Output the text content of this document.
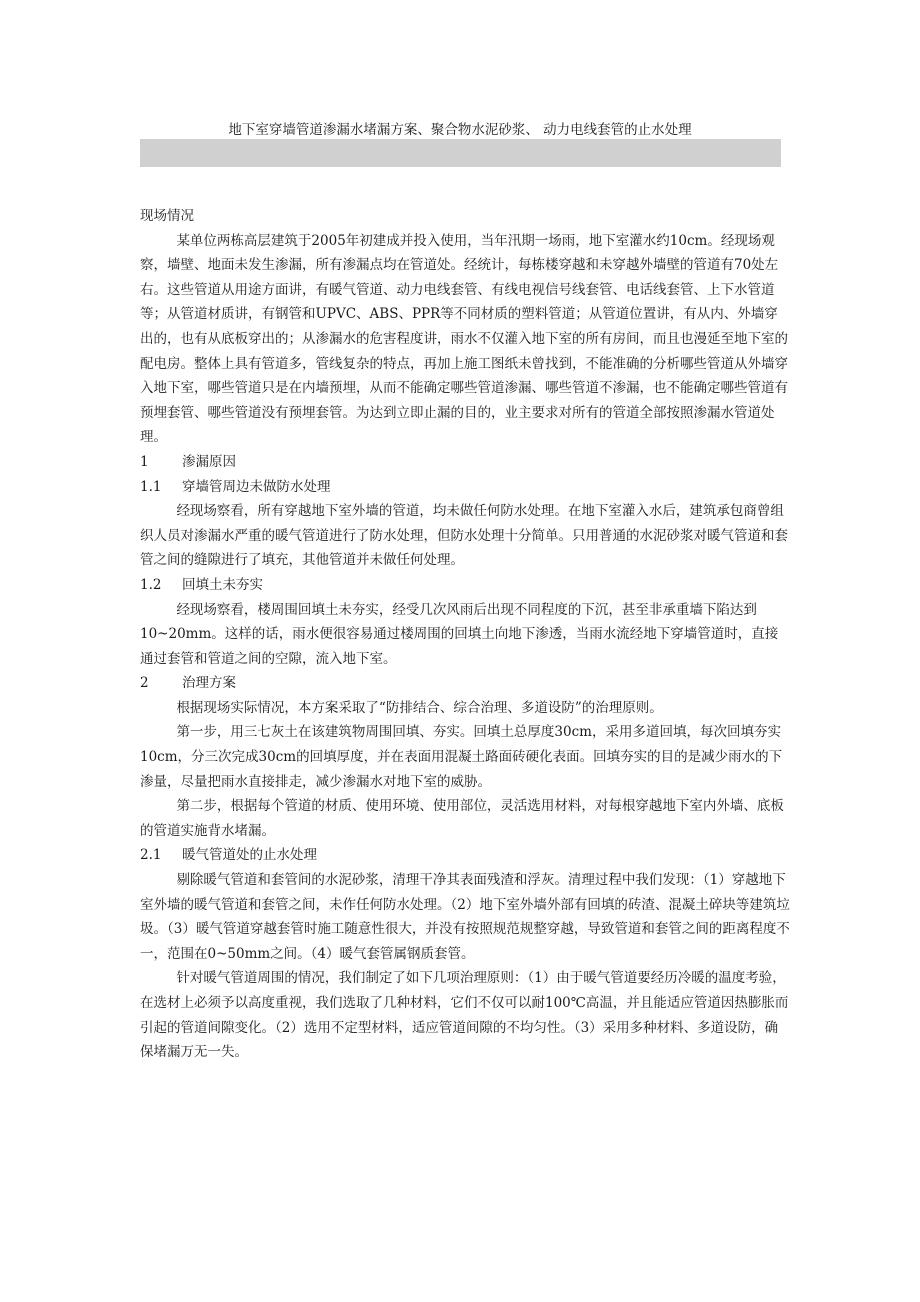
地下室穿墙管道渗漏水堵漏方案、聚合物水泥砂浆、 动力电线套管的止水处理

现场情况

某单位两栋高层建筑于2005年初建成并投入使用，当年汛期一场雨，地下室灌水约10cm。经现场观察，墙壁、地面未发生渗漏，所有渗漏点均在管道处。经统计，每栋楼穿越和未穿越外墙壁的管道有70处左右。这些管道从用途方面讲，有暖气管道、动力电线套管、有线电视信号线套管、电话线套管、上下水管道等；从管道材质讲，有钢管和UPVC、ABS、PPR等不同材质的塑料管道；从管道位置讲，有从内、外墙穿出的，也有从底板穿出的；从渗漏水的危害程度讲，雨水不仅灌入地下室的所有房间，而且也漫延至地下室的配电房。整体上具有管道多，管线复杂的特点，再加上施工图纸未曾找到，不能准确的分析哪些管道从外墙穿入地下室，哪些管道只是在内墙预埋，从而不能确定哪些管道渗漏、哪些管道不渗漏，也不能确定哪些管道有预埋套管、哪些管道没有预埋套管。为达到立即止漏的目的，业主要求对所有的管道全部按照渗漏水管道处理。

1 渗漏原因

1.1 穿墙管周边未做防水处理

经现场察看，所有穿越地下室外墙的管道，均未做任何防水处理。在地下室灌入水后，建筑承包商曾组织人员对渗漏水严重的暖气管道进行了防水处理，但防水处理十分简单。只用普通的水泥砂浆对暖气管道和套管之间的缝隙进行了填充，其他管道并未做任何处理。

1.2 回填土未夯实

经现场察看，楼周围回填土未夯实，经受几次风雨后出现不同程度的下沉，甚至非承重墙下陷达到10~20mm。这样的话，雨水便很容易通过楼周围的回填土向地下渗透，当雨水流经地下穿墙管道时，直接通过套管和管道之间的空隙，流入地下室。

2 治理方案

根据现场实际情况，本方案采取了“防排结合、综合治理、多道设防”的治理原则。

第一步，用三七灰土在该建筑物周围回填、夯实。回填土总厚度30cm，采用多道回填，每次回填夯实10cm，分三次完成30cm的回填厚度，并在表面用混凝土路面砖硬化表面。回填夯实的目的是减少雨水的下渗量，尽量把雨水直接排走，减少渗漏水对地下室的威胁。

第二步，根据每个管道的材质、使用环境、使用部位，灵活选用材料，对每根穿越地下室内外墙、底板的管道实施背水堵漏。

2.1 暖气管道处的止水处理

剔除暖气管道和套管间的水泥砂浆，清理干净其表面残渣和浮灰。清理过程中我们发现：（1）穿越地下室外墙的暖气管道和套管之间，未作任何防水处理。（2）地下室外墙外部有回填的砖渣、混凝土碎块等建筑垃圾。（3）暖气管道穿越套管时施工随意性很大，并没有按照规范规整穿越，导致管道和套管之间的距离程度不一，范围在0~50mm之间。（4）暖气套管属钢质套管。

针对暖气管道周围的情况，我们制定了如下几项治理原则：（1）由于暖气管道要经历冷暖的温度考验，在选材上必须予以高度重视，我们选取了几种材料，它们不仅可以耐100℃高温，并且能适应管道因热膨胀而引起的管道间隙变化。（2）选用不定型材料，适应管道间隙的不均匀性。（3）采用多种材料、多道设防，确保堵漏万无一失。
